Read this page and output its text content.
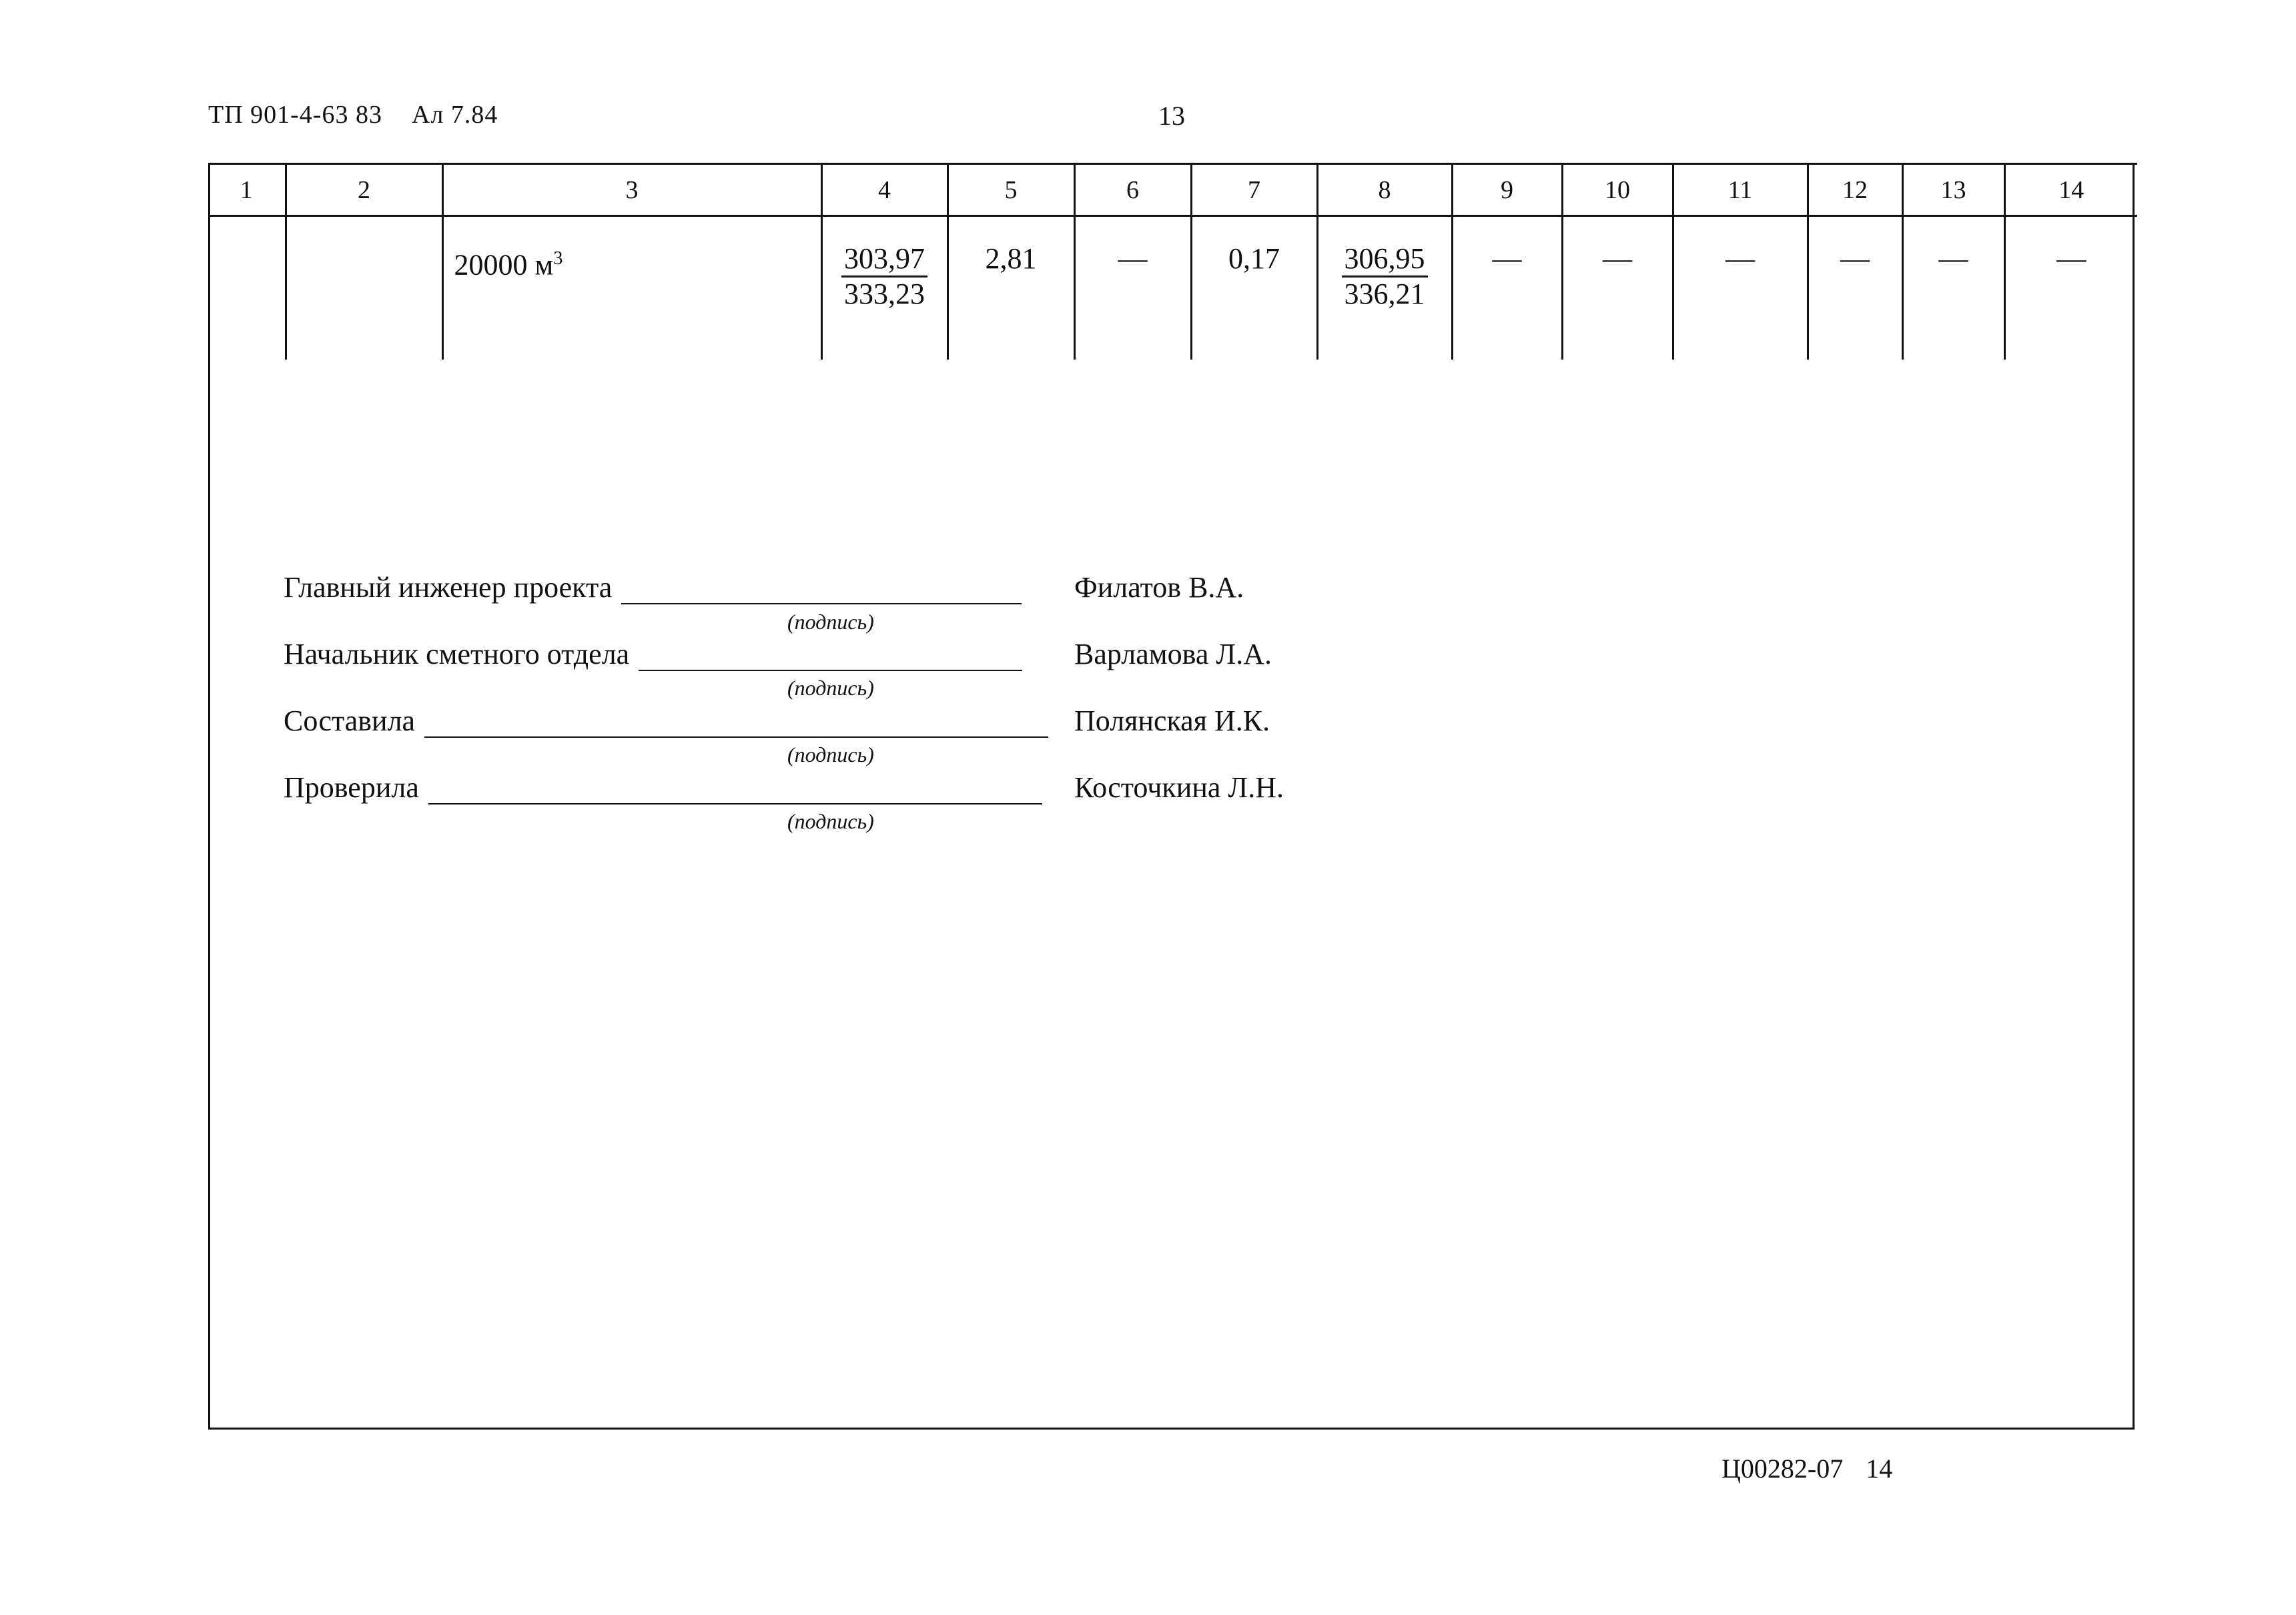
ТП 901-4-63 83 Ал 7.84	13
1	2	3	4	5	6	7	8	9	10	11	12	13	14
		20000 $м^3$	$\frac{303,97}{333,23}$	2,81	—	0,17	$\frac{306,95}{336,21}$	—	—	—	—	—	—
Главный инженер проекта	Филатов В.А.
(подпись)
Начальник сметного отдела	Варламова Л.А.
(подпись)
Составила	Полянская И.К.
(подпись)
Проверила	Косточкина Л.Н.
(подпись)
Ц00282-07 14
